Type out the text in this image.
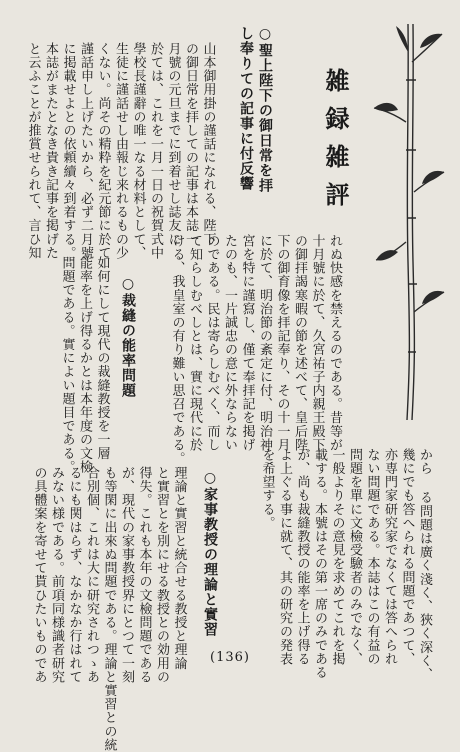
雑録雑評
○聖上陛下の御日常を拝
し奉りての記事に付反響
山本御用掛の謹話になれる、陛下
の御日常を拝しての記事は本誌一
月號の元旦までに到着せし誌友に
於ては、これを一月一日の祝賀式中
學校長謹辭の唯一なる材料として、
生徒に謹話せし由報じ来れるもの少
くない。尚その精粋を紀元節に於て
謹話申し上げたいから、必ず二月號
に掲載せよとの依頼續々到着する。
本誌がまたとなき貴き記事を掲げた
と云ふことが推賞せられて、言ひ知
れぬ快感を禁えるのである。昔等が
十月號に於て、久宮祐子内親王殿下
の御拝謁寒暇の節を述べて、皇后陛
下の御育像を拝記奉り、その十一月
に於て、明治節の紊定に付、明治神
宮を特に謹寫し、僅て奉拝記を掲げ
たのも、一片誠忠の意に外ならない
のである。民は寄らしむべく、而し
て知らしむべしとは、實に現代に於
ける、我皇室の有り難い思召である。
○裁縫の能率問題
如何にして現代の裁縫教授を一層
能率を上げ得るかとは本年度の文檢
問題である。實によい題目である。
から る問題は廣く淺く、狹く深く、
幾にでも答へられる問題であつて、
亦専門家研究家でなくては答へられ
ない問題である。本誌はこの有益の
問題を單に文檢受驗者のみでなく、
一般よりその意見を求めてこれを掲
載する。本號はその第一席のみである
が、尚も裁縫教授の能率を上げ得る
よ上ぐる事に就て、其の研究の発表
を希望する。
○家事教授の理論と實習
理論と實習と統合せる教授と理論
と實習とを別にせる教授との効用の
得失。これも本年の文檢問題である
が、現代の家事教授界にとつて一刻
も等閑に出來ぬ問題である。理論と實習との統
合別個、これは大に研究されつゝあ
るにも関はらず、なかなか行はれて
みない様である。前項同様識者研究
の具體案を寄せて貰ひたいものであ	(136)
